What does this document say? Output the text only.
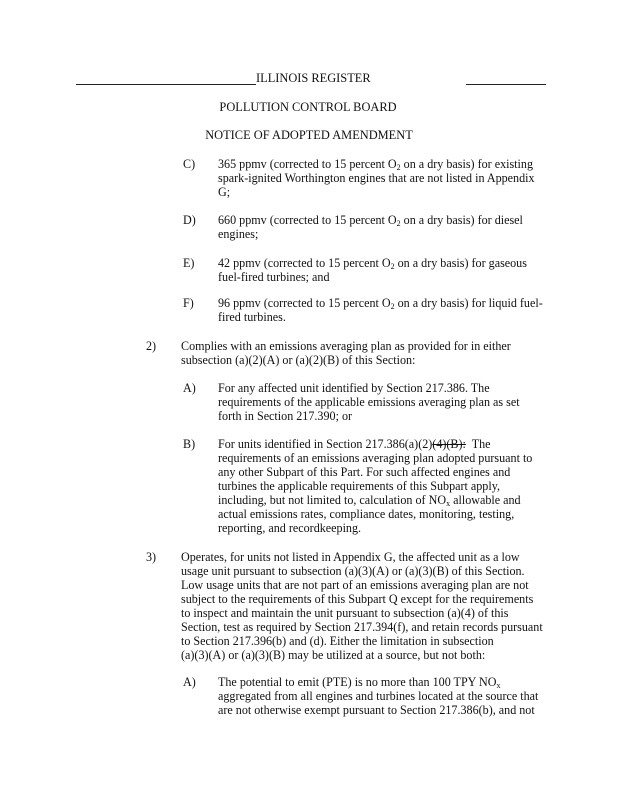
ILLINOIS REGISTER
POLLUTION CONTROL BOARD
NOTICE OF ADOPTED AMENDMENT
C) 365 ppmv (corrected to 15 percent $O_2$ on a dry basis) for existing
spark-ignited Worthington engines that are not listed in Appendix
G;
D) 660 ppmv (corrected to 15 percent $O_2$ on a dry basis) for diesel
engines;
E) 42 ppmv (corrected to 15 percent $O_2$ on a dry basis) for gaseous
fuel-fired turbines; and
F) 96 ppmv (corrected to 15 percent $O_2$ on a dry basis) for liquid fuel-
fired turbines.
2) Complies with an emissions averaging plan as provided for in either
subsection (a)(2)(A) or (a)(2)(B) of this Section:
A) For any affected unit identified by Section 217.386. The
requirements of the applicable emissions averaging plan as set
forth in Section 217.390; or
B) For units identified in Section 217.386(a)(2)(4)(B):  The
requirements of an emissions averaging plan adopted pursuant to
any other Subpart of this Part. For such affected engines and
turbines the applicable requirements of this Subpart apply,
including, but not limited to, calculation of $NO_x$ allowable and
actual emissions rates, compliance dates, monitoring, testing,
reporting, and recordkeeping.
3) Operates, for units not listed in Appendix G, the affected unit as a low
usage unit pursuant to subsection (a)(3)(A) or (a)(3)(B) of this Section.
Low usage units that are not part of an emissions averaging plan are not
subject to the requirements of this Subpart Q except for the requirements
to inspect and maintain the unit pursuant to subsection (a)(4) of this
Section, test as required by Section 217.394(f), and retain records pursuant
to Section 217.396(b) and (d). Either the limitation in subsection
(a)(3)(A) or (a)(3)(B) may be utilized at a source, but not both:
A) The potential to emit (PTE) is no more than 100 TPY $NO_x$
aggregated from all engines and turbines located at the source that
are not otherwise exempt pursuant to Section 217.386(b), and not
